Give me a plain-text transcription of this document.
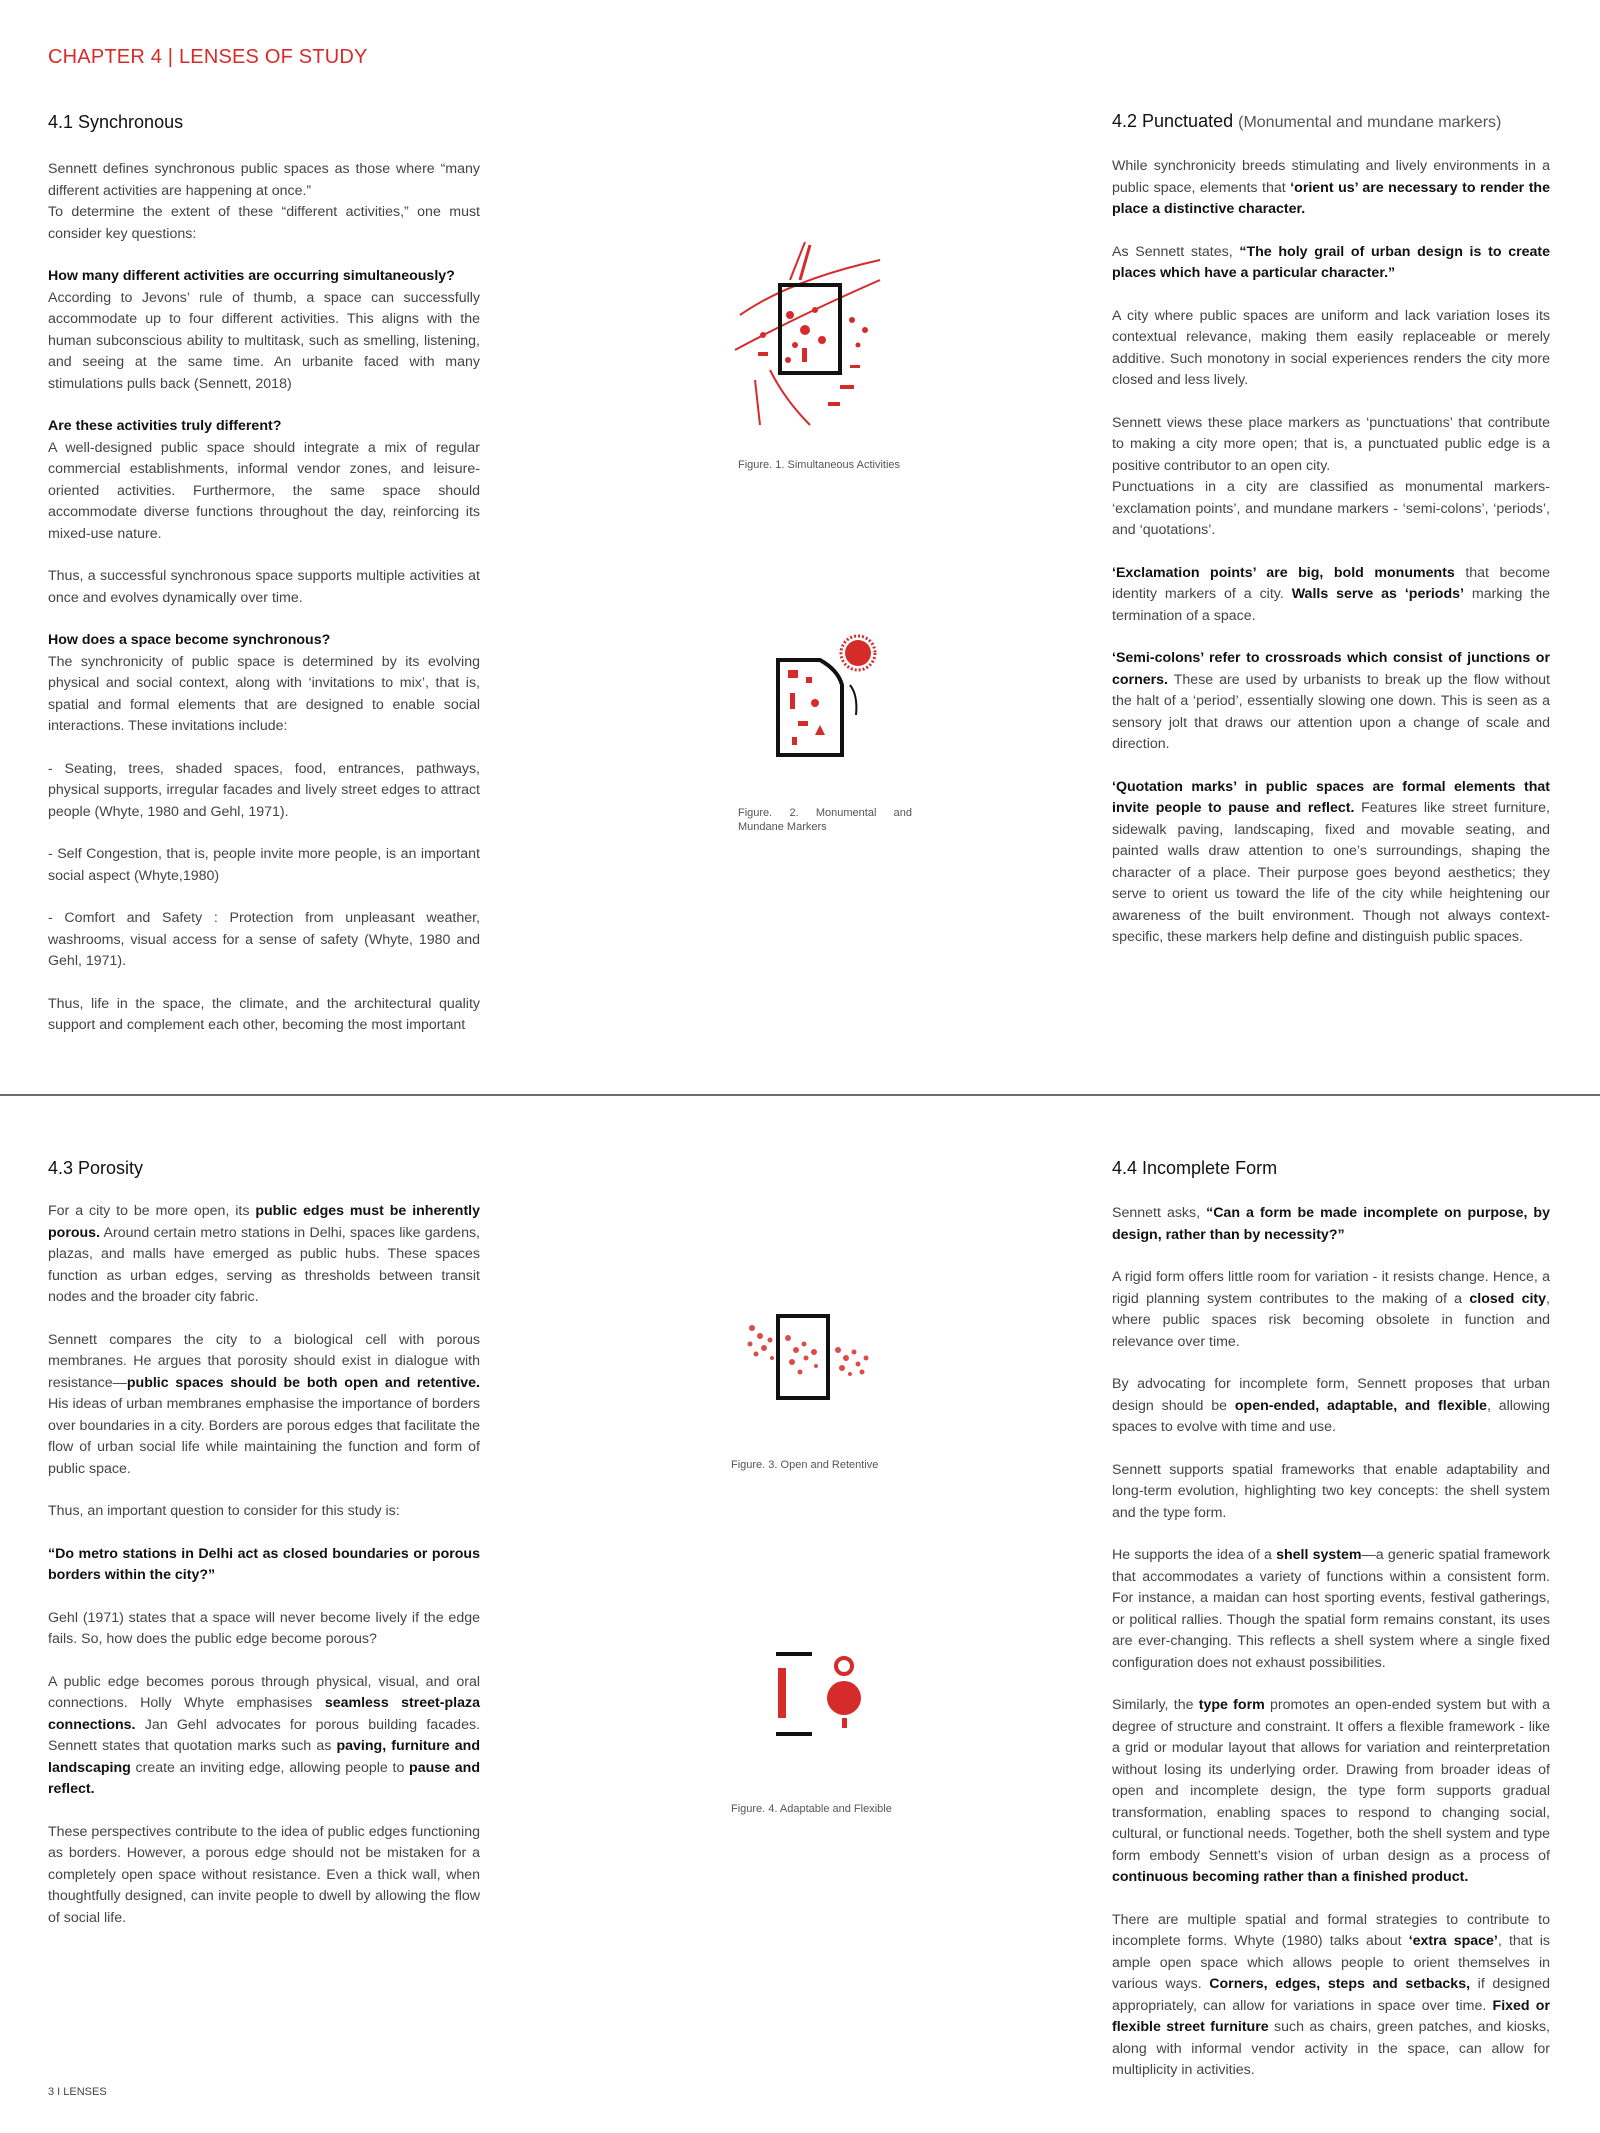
CHAPTER 4 | LENSES OF STUDY
4.1 Synchronous

Sennett defines synchronous public spaces as those where “many different activities are happening at once.”

To determine the extent of these “different activities,” one must consider key questions:

How many different activities are occurring simultaneously?

According to Jevons’ rule of thumb, a space can successfully accommodate up to four different activities. This aligns with the human subconscious ability to multitask, such as smelling, listening, and seeing at the same time. An urbanite faced with many stimulations pulls back (Sennett, 2018)

Are these activities truly different?

A well-designed public space should integrate a mix of regular commercial establishments, informal vendor zones, and leisure-oriented activities. Furthermore, the same space should accommodate diverse functions throughout the day, reinforcing its mixed-use nature.

Thus, a successful synchronous space supports multiple activities at once and evolves dynamically over time.

How does a space become synchronous?

The synchronicity of public space is determined by its evolving physical and social context, along with ‘invitations to mix’, that is, spatial and formal elements that are designed to enable social interactions. These invitations include:

- Seating, trees, shaded spaces, food, entrances, pathways, physical supports, irregular facades and lively street edges to attract people (Whyte, 1980 and Gehl, 1971).

- Self Congestion, that is, people invite more people, is an important social aspect (Whyte,1980)

- Comfort and Safety : Protection from unpleasant weather, washrooms, visual access for a sense of safety (Whyte, 1980 and Gehl, 1971).

Thus, life in the space, the climate, and the architectural quality support and complement each other, becoming the most important

Figure. 1. Simultaneous Activities
Figure. 2. Monumental and Mundane Markers
4.2 Punctuated (Monumental and mundane markers)

While synchronicity breeds stimulating and lively environments in a public space, elements that ‘orient us’ are necessary to render the place a distinctive character.

As Sennett states, “The holy grail of urban design is to create places which have a particular character.”

A city where public spaces are uniform and lack variation loses its contextual relevance, making them easily replaceable or merely additive. Such monotony in social experiences renders the city more closed and less lively.

Sennett views these place markers as ‘punctuations’ that contribute to making a city more open; that is, a punctuated public edge is a positive contributor to an open city.

Punctuations in a city are classified as monumental markers- ‘exclamation points’, and mundane markers - ‘semi-colons’, ‘periods’, and ‘quotations’.

‘Exclamation points’ are big, bold monuments that become identity markers of a city. Walls serve as ‘periods’ marking the termination of a space.

‘Semi-colons’ refer to crossroads which consist of junctions or corners. These are used by urbanists to break up the flow without the halt of a ‘period’, essentially slowing one down. This is seen as a sensory jolt that draws our attention upon a change of scale and direction.

‘Quotation marks’ in public spaces are formal elements that invite people to pause and reflect. Features like street furniture, sidewalk paving, landscaping, fixed and movable seating, and painted walls draw attention to one’s surroundings, shaping the character of a place. Their purpose goes beyond aesthetics; they serve to orient us toward the life of the city while heightening our awareness of the built environment. Though not always context-specific, these markers help define and distinguish public spaces.

4.3 Porosity

For a city to be more open, its public edges must be inherently porous. Around certain metro stations in Delhi, spaces like gardens, plazas, and malls have emerged as public hubs. These spaces function as urban edges, serving as thresholds between transit nodes and the broader city fabric.

Sennett compares the city to a biological cell with porous membranes. He argues that porosity should exist in dialogue with resistance—public spaces should be both open and retentive. His ideas of urban membranes emphasise the importance of borders over boundaries in a city. Borders are porous edges that facilitate the flow of urban social life while maintaining the function and form of public space.

Thus, an important question to consider for this study is:

“Do metro stations in Delhi act as closed boundaries or porous borders within the city?”

Gehl (1971) states that a space will never become lively if the edge fails. So, how does the public edge become porous?

A public edge becomes porous through physical, visual, and oral connections. Holly Whyte emphasises seamless street-plaza connections. Jan Gehl advocates for porous building facades. Sennett states that quotation marks such as paving, furniture and landscaping create an inviting edge, allowing people to pause and reflect.

These perspectives contribute to the idea of public edges functioning as borders. However, a porous edge should not be mistaken for a completely open space without resistance. Even a thick wall, when thoughtfully designed, can invite people to dwell by allowing the flow of social life.

Figure. 3. Open and Retentive
Figure. 4. Adaptable and Flexible
4.4 Incomplete Form

Sennett asks, “Can a form be made incomplete on purpose, by design, rather than by necessity?”

A rigid form offers little room for variation - it resists change. Hence, a rigid planning system contributes to the making of a closed city, where public spaces risk becoming obsolete in function and relevance over time.

By advocating for incomplete form, Sennett proposes that urban design should be open-ended, adaptable, and flexible, allowing spaces to evolve with time and use.

Sennett supports spatial frameworks that enable adaptability and long-term evolution, highlighting two key concepts: the shell system and the type form.

He supports the idea of a shell system—a generic spatial framework that accommodates a variety of functions within a consistent form. For instance, a maidan can host sporting events, festival gatherings, or political rallies. Though the spatial form remains constant, its uses are ever-changing. This reflects a shell system where a single fixed configuration does not exhaust possibilities.

Similarly, the type form promotes an open-ended system but with a degree of structure and constraint. It offers a flexible framework - like a grid or modular layout that allows for variation and reinterpretation without losing its underlying order. Drawing from broader ideas of open and incomplete design, the type form supports gradual transformation, enabling spaces to respond to changing social, cultural, or functional needs. Together, both the shell system and type form embody Sennett’s vision of urban design as a process of continuous becoming rather than a finished product.

There are multiple spatial and formal strategies to contribute to incomplete forms. Whyte (1980) talks about ‘extra space’, that is ample open space which allows people to orient themselves in various ways. Corners, edges, steps and setbacks, if designed appropriately, can allow for variations in space over time. Fixed or flexible street furniture such as chairs, green patches, and kiosks, along with informal vendor activity in the space, can allow for multiplicity in activities.

3 I LENSES
